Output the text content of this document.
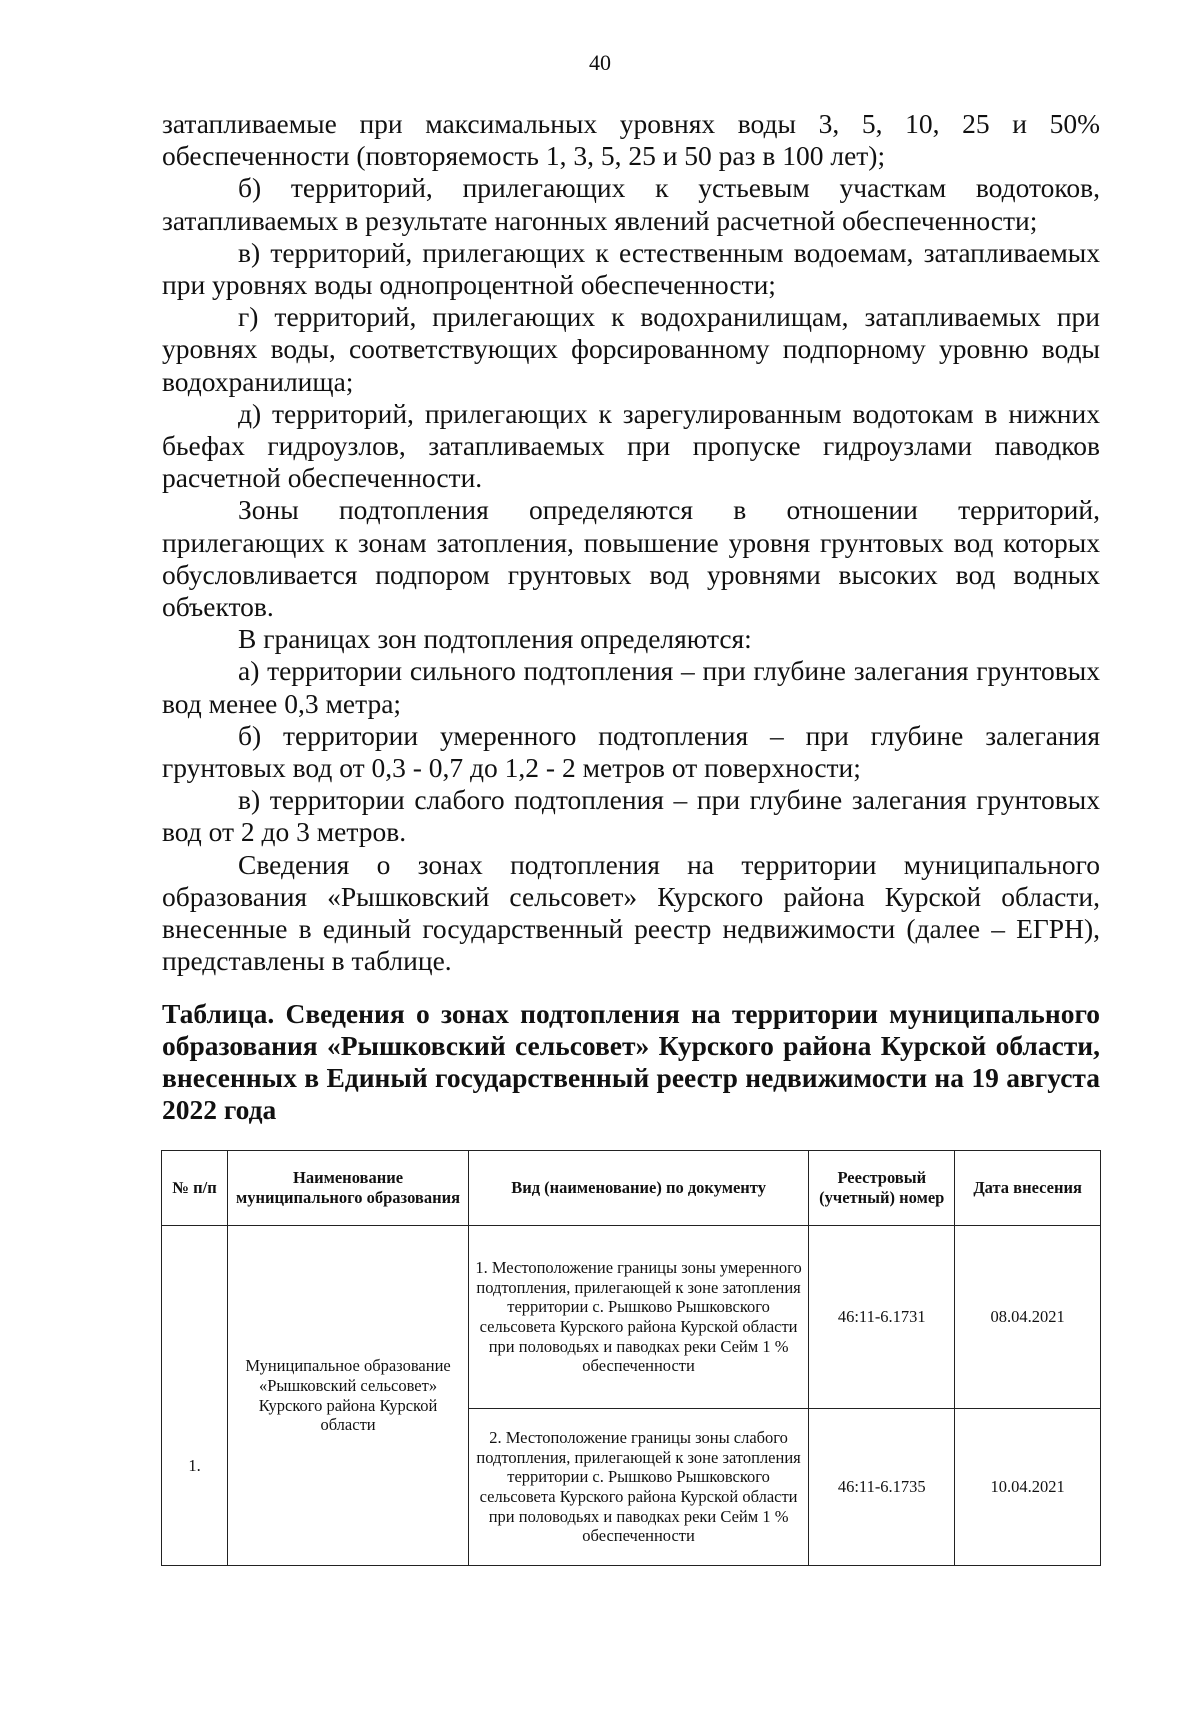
40

затапливаемые при максимальных уровнях воды 3, 5, 10, 25 и 50% обеспеченности (повторяемость 1, 3, 5, 25 и 50 раз в 100 лет);

б) территорий, прилегающих к устьевым участкам водотоков, затапливаемых в результате нагонных явлений расчетной обеспеченности;

в) территорий, прилегающих к естественным водоемам, затапливаемых при уровнях воды однопроцентной обеспеченности;

г) территорий, прилегающих к водохранилищам, затапливаемых при уровнях воды, соответствующих форсированному подпорному уровню воды водохранилища;

д) территорий, прилегающих к зарегулированным водотокам в нижних бьефах гидроузлов, затапливаемых при пропуске гидроузлами паводков расчетной обеспеченности.

Зоны подтопления определяются в отношении территорий, прилегающих к зонам затопления, повышение уровня грунтовых вод которых обусловливается подпором грунтовых вод уровнями высоких вод водных объектов.

В границах зон подтопления определяются:

а) территории сильного подтопления – при глубине залегания грунтовых вод менее 0,3 метра;

б) территории умеренного подтопления – при глубине залегания грунтовых вод от 0,3 - 0,7 до 1,2 - 2 метров от поверхности;

в) территории слабого подтопления – при глубине залегания грунтовых вод от 2 до 3 метров.

Сведения о зонах подтопления на территории муниципального образования «Рышковский сельсовет» Курского района Курской области, внесенные в единый государственный реестр недвижимости (далее – ЕГРН), представлены в таблице.

Таблица. Сведения о зонах подтопления на территории муниципального образования «Рышковский сельсовет» Курского района Курской области, внесенных в Единый государственный реестр недвижимости на 19 августа 2022 года
№ п/п	Наименование муниципального образования	Вид (наименование) по документу	Реестровый (учетный) номер	Дата внесения
1.	Муниципальное образование «Рышковский сельсовет» Курского района Курской области	1. Местоположение границы зоны умеренного подтопления, прилегающей к зоне затопления территории с. Рышково Рышковского сельсовета Курского района Курской области при половодьях и паводках реки Сейм 1 % обеспеченности	46:11-6.1731	08.04.2021
		2. Местоположение границы зоны слабого подтопления, прилегающей к зоне затопления территории с. Рышково Рышковского сельсовета Курского района Курской области при половодьях и паводках реки Сейм 1 % обеспеченности	46:11-6.1735	10.04.2021
